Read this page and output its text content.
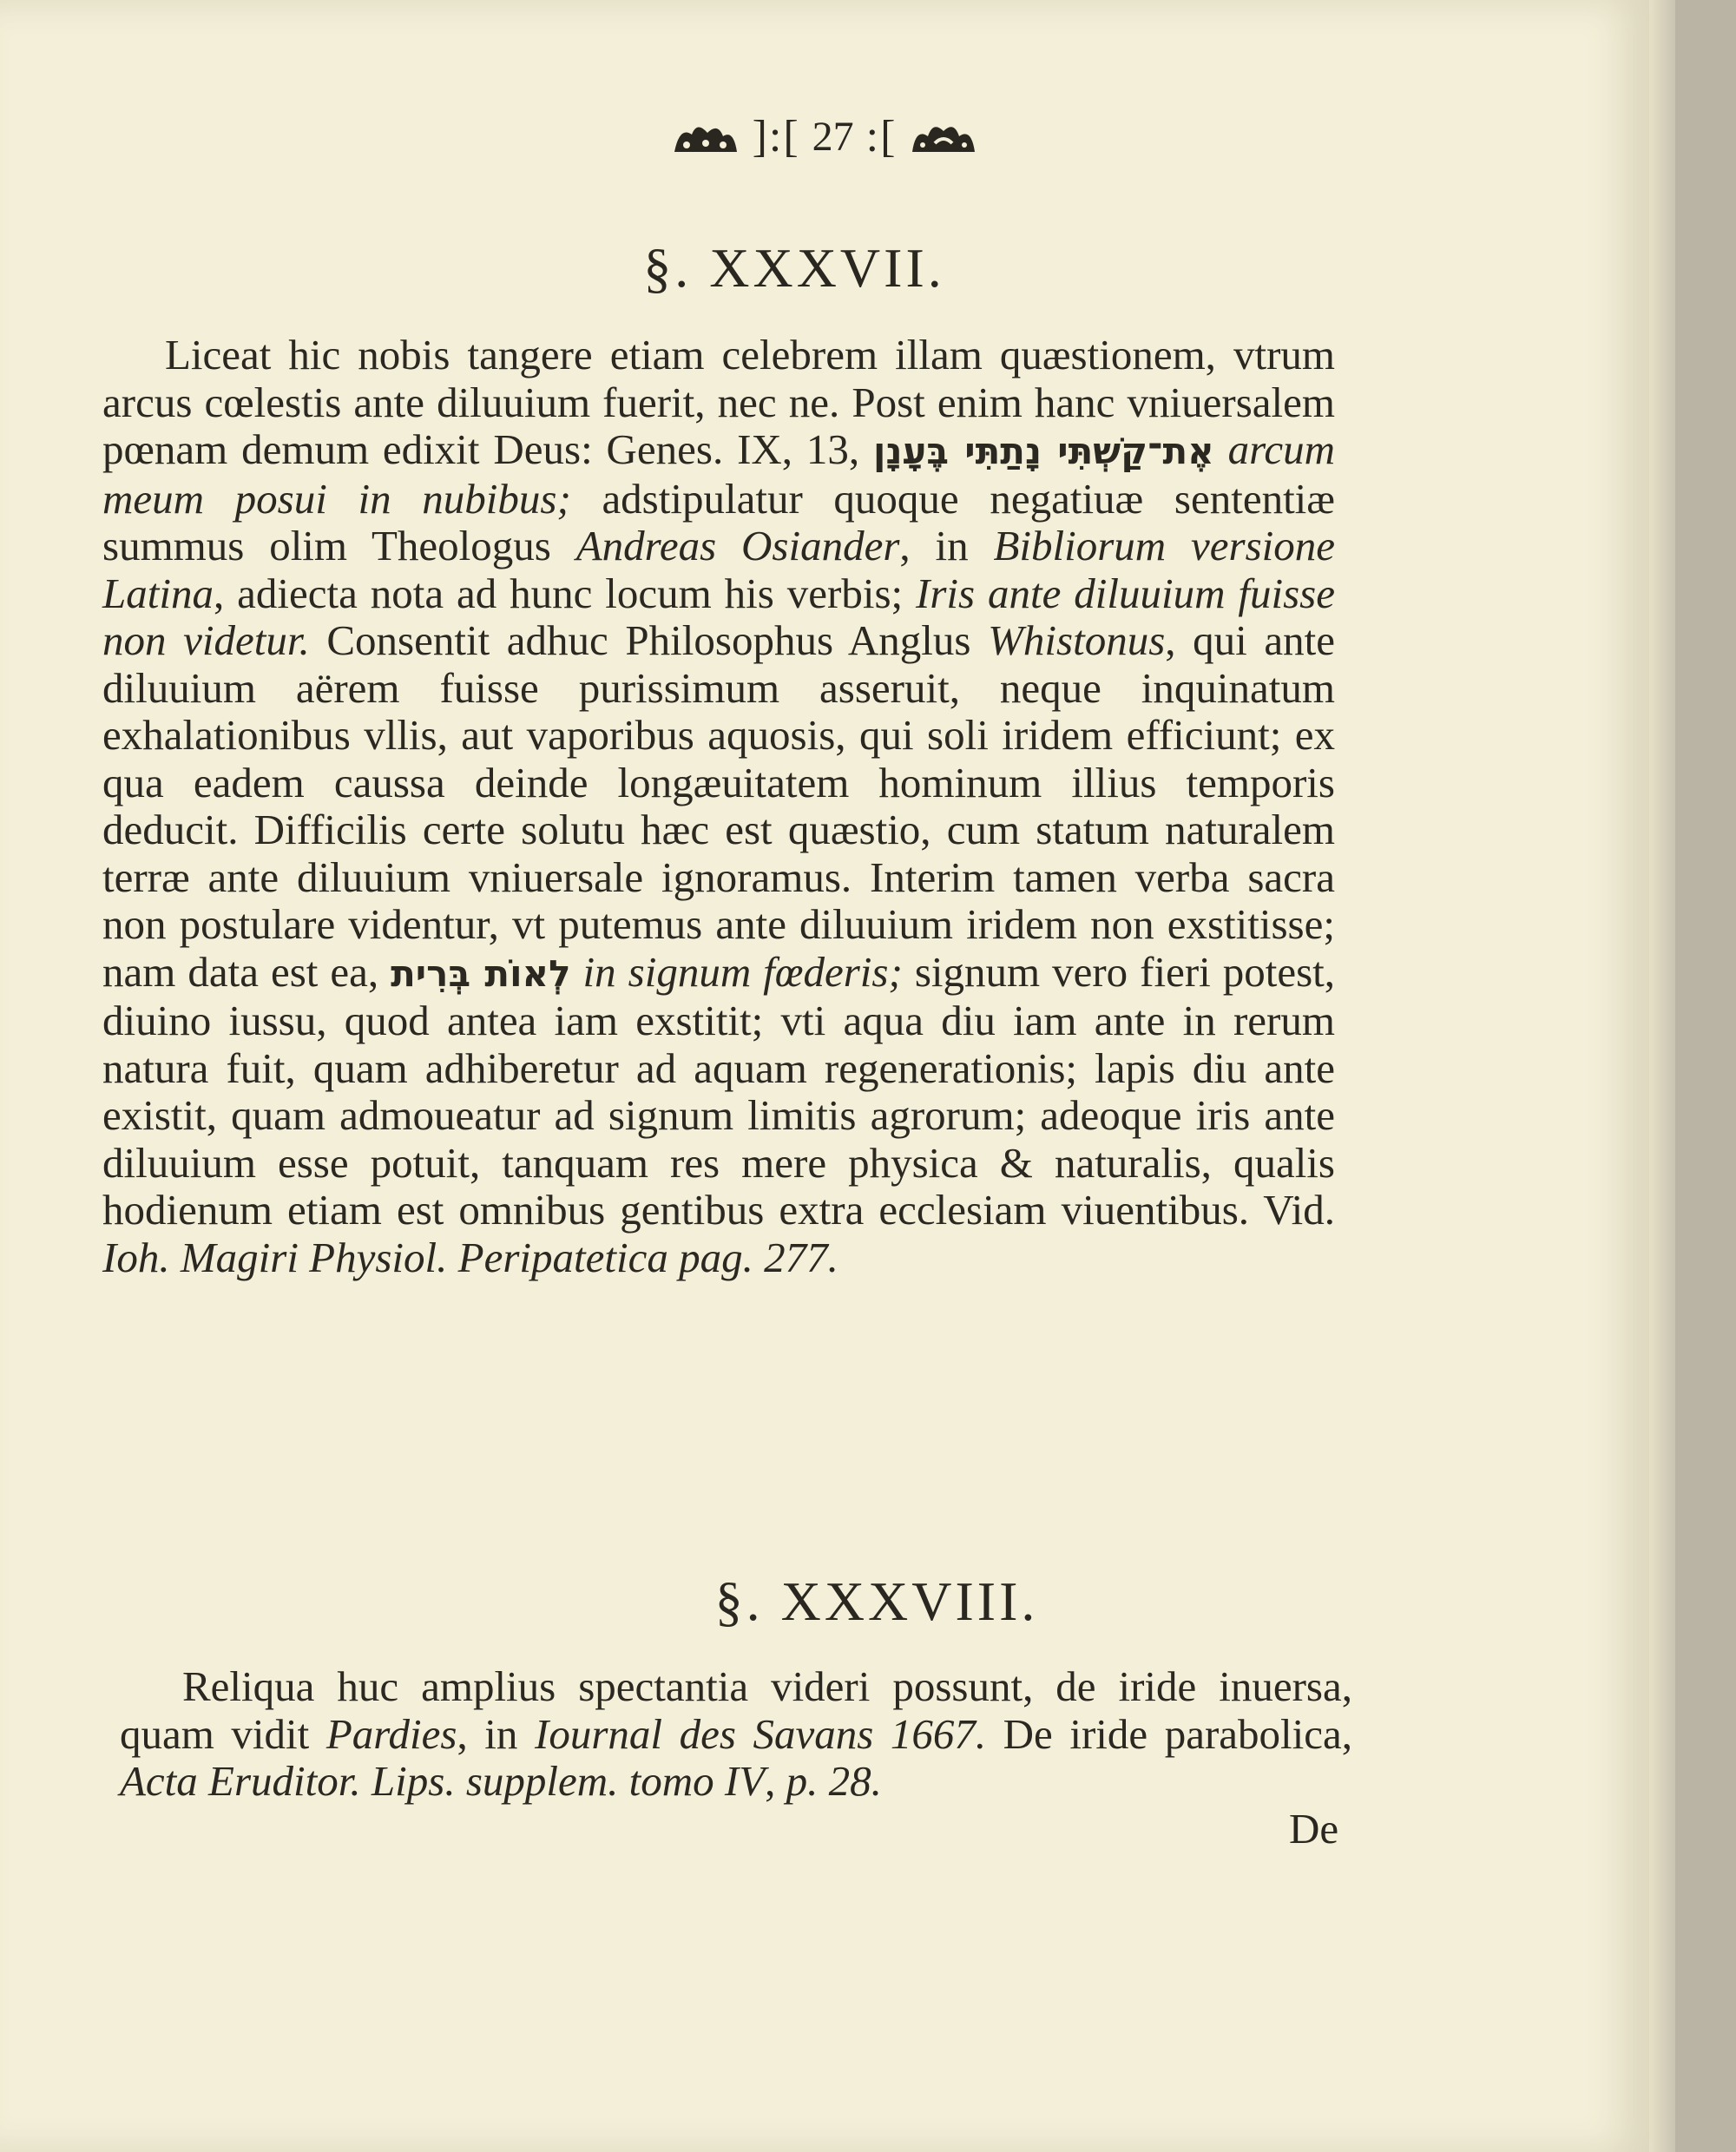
]:[ 27 :[
§. XXXVII.
Liceat hic nobis tangere etiam celebrem illam quæstionem, vtrum arcus cœlestis ante diluuium fuerit, nec ne. Post enim hanc vniuersalem pœnam demum edixit Deus: Genes. IX, 13, אֶת־קַשְׁתִּי נָתַתִּי בֶּעָנָן arcum meum posui in nubibus; adstipulatur quoque negatiuæ sententiæ summus olim Theologus Andreas Osiander, in Bibliorum versione Latina, adiecta nota ad hunc locum his verbis; Iris ante diluuium fuisse non videtur. Consentit adhuc Philosophus Anglus Whistonus, qui ante diluuium aërem fuisse purissimum asseruit, neque inquinatum exhalationibus vllis, aut vaporibus aquosis, qui soli iridem efficiunt; ex qua eadem caussa deinde longæuitatem hominum illius temporis deducit. Difficilis certe solutu hæc est quæstio, cum statum naturalem terræ ante diluuium vniuersale ignoramus. Interim tamen verba sacra non postulare videntur, vt putemus ante diluuium iridem non exstitisse; nam data est ea, לְאוֹת בְּרִית in signum fœderis; signum vero fieri potest, diuino iussu, quod antea iam exstitit; vti aqua diu iam ante in rerum natura fuit, quam adhiberetur ad aquam regenerationis; lapis diu ante existit, quam admoueatur ad signum limitis agrorum; adeoque iris ante diluuium esse potuit, tanquam res mere physica & naturalis, qualis hodienum etiam est omnibus gentibus extra ecclesiam viuentibus. Vid. Ioh. Magiri Physiol. Peripatetica pag. 277.
§. XXXVIII.
Reliqua huc amplius spectantia videri possunt, de iride inuersa, quam vidit Pardies, in Iournal des Savans 1667. De iride parabolica, Acta Eruditor. Lips. supplem. tomo IV, p. 28.
De
